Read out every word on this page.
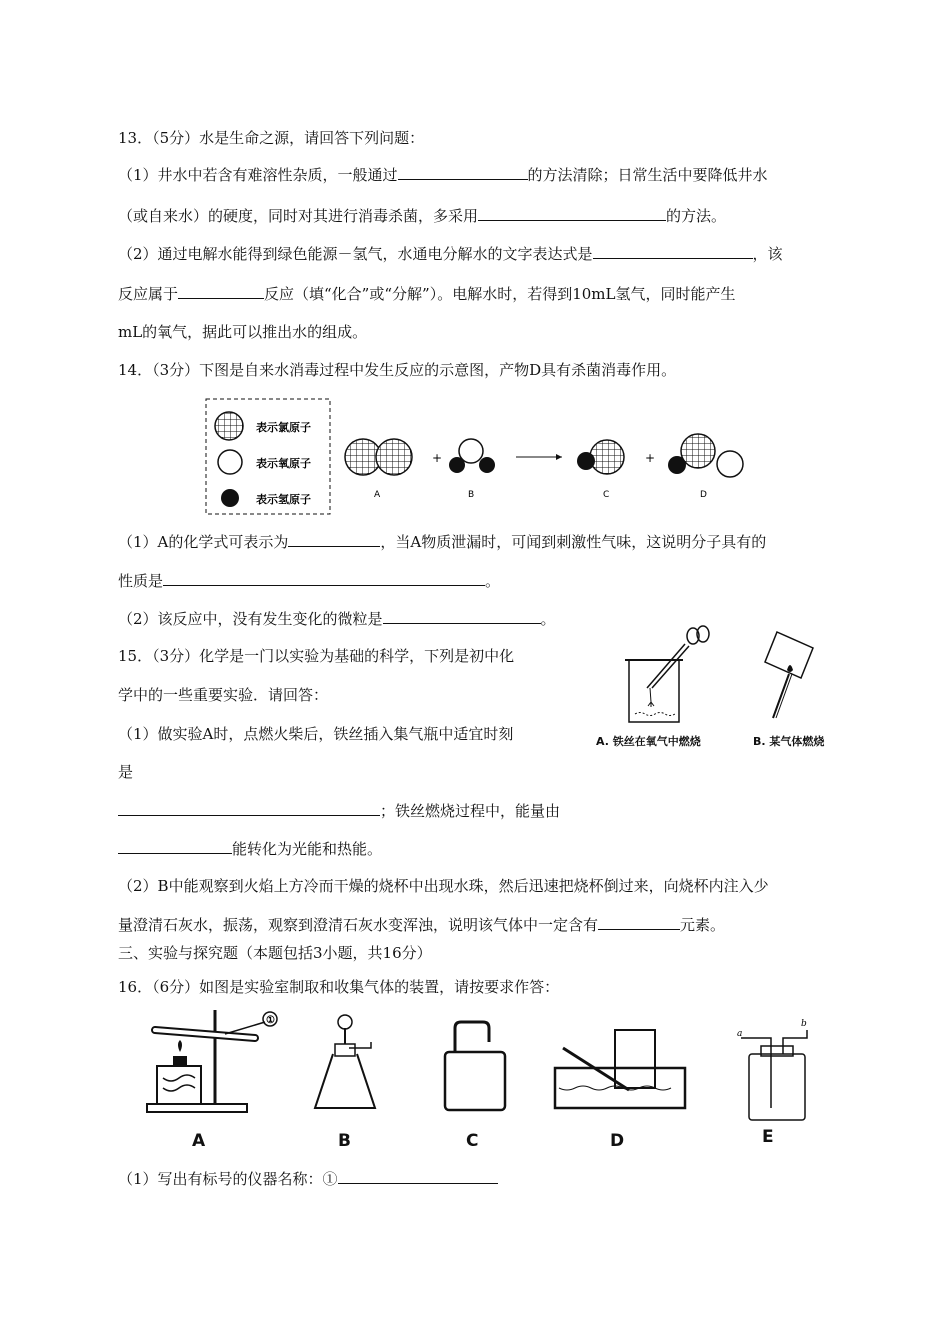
13．（5分）水是生命之源，请回答下列问题：
（1）井水中若含有难溶性杂质，一般通过	的方法清除；日常生活中要降低井水
（或自来水）的硬度，同时对其进行消毒杀菌，多采用	的方法。
（2）通过电解水能得到绿色能源－氢气，水通电分解水的文字表达式是	，该
反应属于	反应（填“化合”或“分解”）。电解水时，若得到10mL氢气，同时能产生
mL的氧气，据此可以推出水的组成。
14．（3分）下图是自来水消毒过程中发生反应的示意图，产物D具有杀菌消毒作用。
表示氯原子
表示氧原子
表示氢原子
+	+
A	B	C	D
（1）A的化学式可表示为	，当A物质泄漏时，可闻到刺激性气味，这说明分子具有的
性质是	。
（2）该反应中，没有发生变化的微粒是	。
15．（3分）化学是一门以实验为基础的科学，下列是初中化
学中的一些重要实验．请回答：
（1）做实验A时，点燃火柴后，铁丝插入集气瓶中适宜时刻
是
；铁丝燃烧过程中，能量由
能转化为光能和热能。
（2）B中能观察到火焰上方冷而干燥的烧杯中出现水珠，然后迅速把烧杯倒过来，向烧杯内注入少
量澄清石灰水，振荡，观察到澄清石灰水变浑浊，说明该气体中一定含有	元素。
A. 铁丝在氧气中燃烧	B. 某气体燃烧
三、实验与探究题（本题包括3小题，共16分）
16．（6分）如图是实验室制取和收集气体的装置，请按要求作答：
①
a
b
A	B	C	D	E
（1）写出有标号的仪器名称：①
